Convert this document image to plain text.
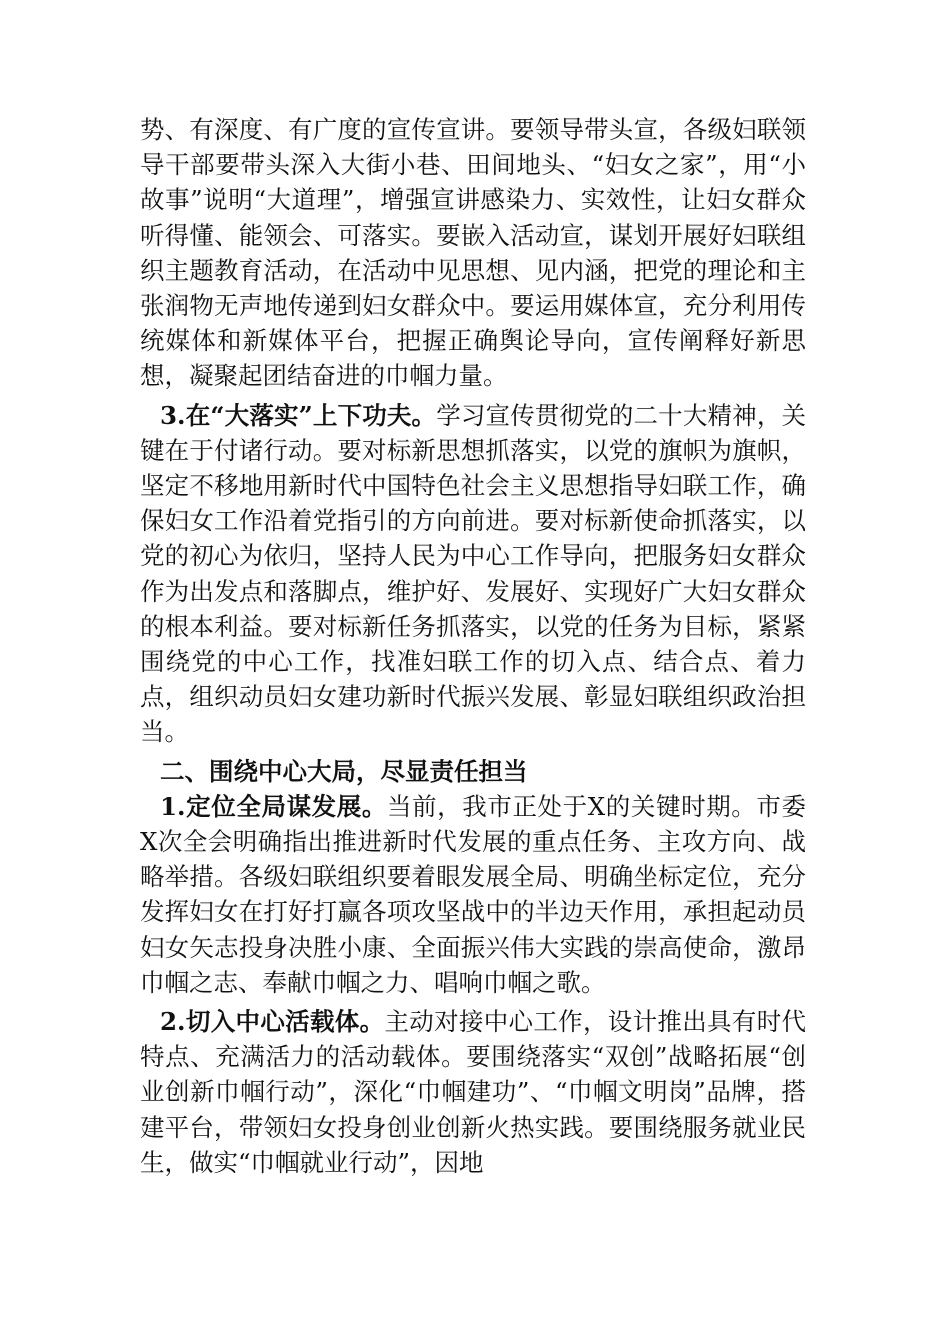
势、有深度、有广度的宣传宣讲。要领导带头宣，各级妇联领导干部要带头深入大街小巷、田间地头、“妇女之家”，用“小故事”说明“大道理”，增强宣讲感染力、实效性，让妇女群众听得懂、能领会、可落实。要嵌入活动宣，谋划开展好妇联组织主题教育活动，在活动中见思想、见内涵，把党的理论和主张润物无声地传递到妇女群众中。要运用媒体宣，充分利用传统媒体和新媒体平台，把握正确舆论导向，宣传阐释好新思想，凝聚起团结奋进的巾帼力量。

3.在“大落实”上下功夫。学习宣传贯彻党的二十大精神，关键在于付诸行动。要对标新思想抓落实，以党的旗帜为旗帜，坚定不移地用新时代中国特色社会主义思想指导妇联工作，确保妇女工作沿着党指引的方向前进。要对标新使命抓落实，以党的初心为依归，坚持人民为中心工作导向，把服务妇女群众作为出发点和落脚点，维护好、发展好、实现好广大妇女群众的根本利益。要对标新任务抓落实，以党的任务为目标，紧紧围绕党的中心工作，找准妇联工作的切入点、结合点、着力点，组织动员妇女建功新时代振兴发展、彰显妇联组织政治担当。

二、围绕中心大局，尽显责任担当

1.定位全局谋发展。当前，我市正处于X的关键时期。市委X次全会明确指出推进新时代发展的重点任务、主攻方向、战略举措。各级妇联组织要着眼发展全局、明确坐标定位，充分发挥妇女在打好打赢各项攻坚战中的半边天作用，承担起动员妇女矢志投身决胜小康、全面振兴伟大实践的崇高使命，激昂巾帼之志、奉献巾帼之力、唱响巾帼之歌。

2.切入中心活载体。主动对接中心工作，设计推出具有时代特点、充满活力的活动载体。要围绕落实“双创”战略拓展“创业创新巾帼行动”，深化“巾帼建功”、“巾帼文明岗”品牌，搭建平台，带领妇女投身创业创新火热实践。要围绕服务就业民生，做实“巾帼就业行动”，因地
